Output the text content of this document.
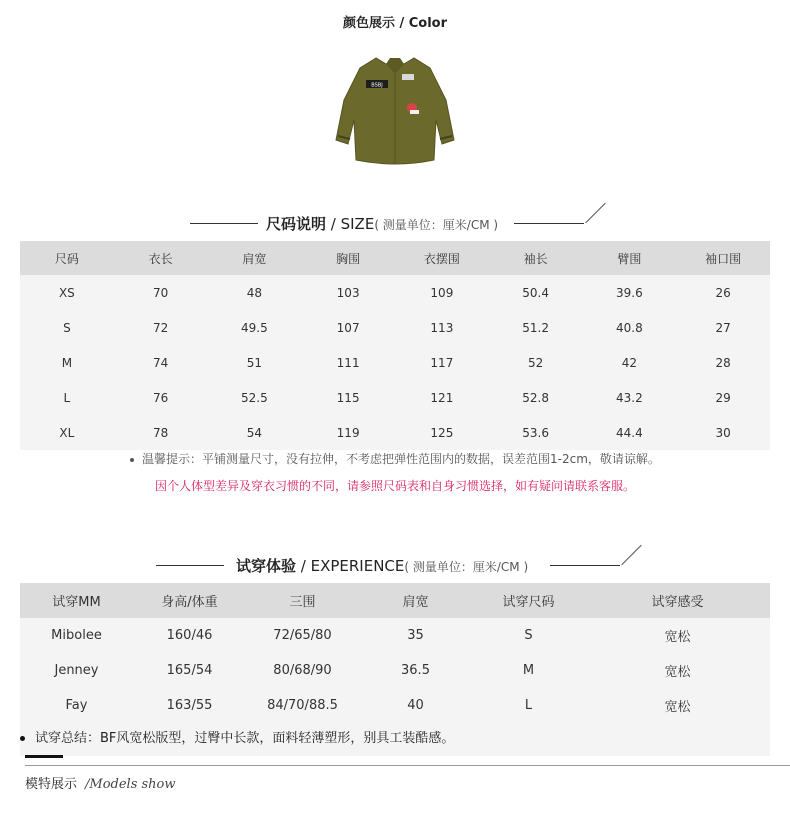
颜色展示 / Color
BSBJ
尺码说明 / SIZE( 测量单位：厘米/CM )
尺码	衣长	肩宽	胸围	衣摆围	袖长	臂围	袖口围
XS	70	48	103	109	50.4	39.6	26
S	72	49.5	107	113	51.2	40.8	27
M	74	51	111	117	52	42	28
L	76	52.5	115	121	52.8	43.2	29
XL	78	54	119	125	53.6	44.4	30
温馨提示：平铺测量尺寸，没有拉伸，不考虑把弹性范围内的数据，误差范围1-2cm，敬请谅解。
因个人体型差异及穿衣习惯的不同，请参照尺码表和自身习惯选择，如有疑问请联系客服。
试穿体验 / EXPERIENCE( 测量单位：厘米/CM )
试穿MM	身高/体重	三围	肩宽	试穿尺码	试穿感受
Mibolee	160/46	72/65/80	35	S	宽松
Jenney	165/54	80/68/90	36.5	M	宽松
Fay	163/55	84/70/88.5	40	L	宽松
试穿总结：BF风宽松版型，过臀中长款，面料轻薄塑形，别具工装酷感。
模特展示 /Models show
